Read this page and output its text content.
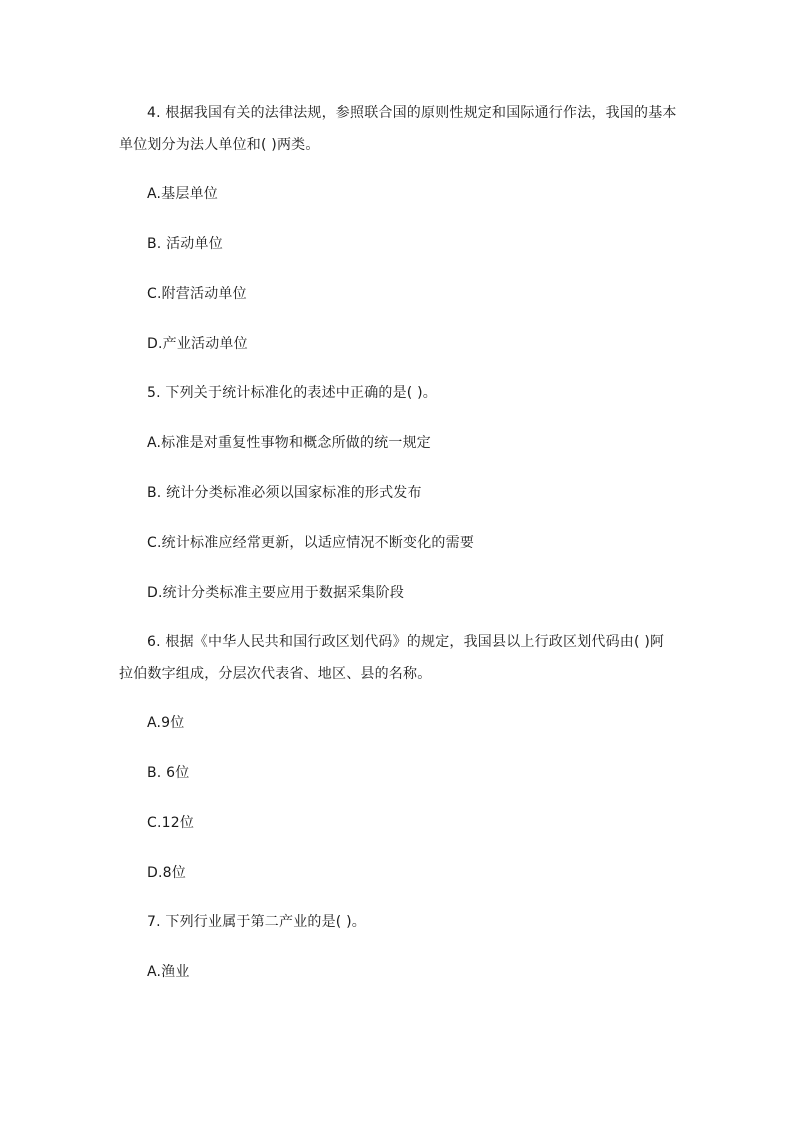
4. 根据我国有关的法律法规，参照联合国的原则性规定和国际通行作法，我国的基本
单位划分为法人单位和( )两类。
A.基层单位
B. 活动单位
C.附营活动单位
D.产业活动单位
5. 下列关于统计标准化的表述中正确的是( )。
A.标准是对重复性事物和概念所做的统一规定
B. 统计分类标准必须以国家标准的形式发布
C.统计标准应经常更新，以适应情况不断变化的需要
D.统计分类标准主要应用于数据采集阶段
6. 根据《中华人民共和国行政区划代码》的规定，我国县以上行政区划代码由( )阿
拉伯数字组成，分层次代表省、地区、县的名称。
A.9位
B. 6位
C.12位
D.8位
7. 下列行业属于第二产业的是( )。
A.渔业
